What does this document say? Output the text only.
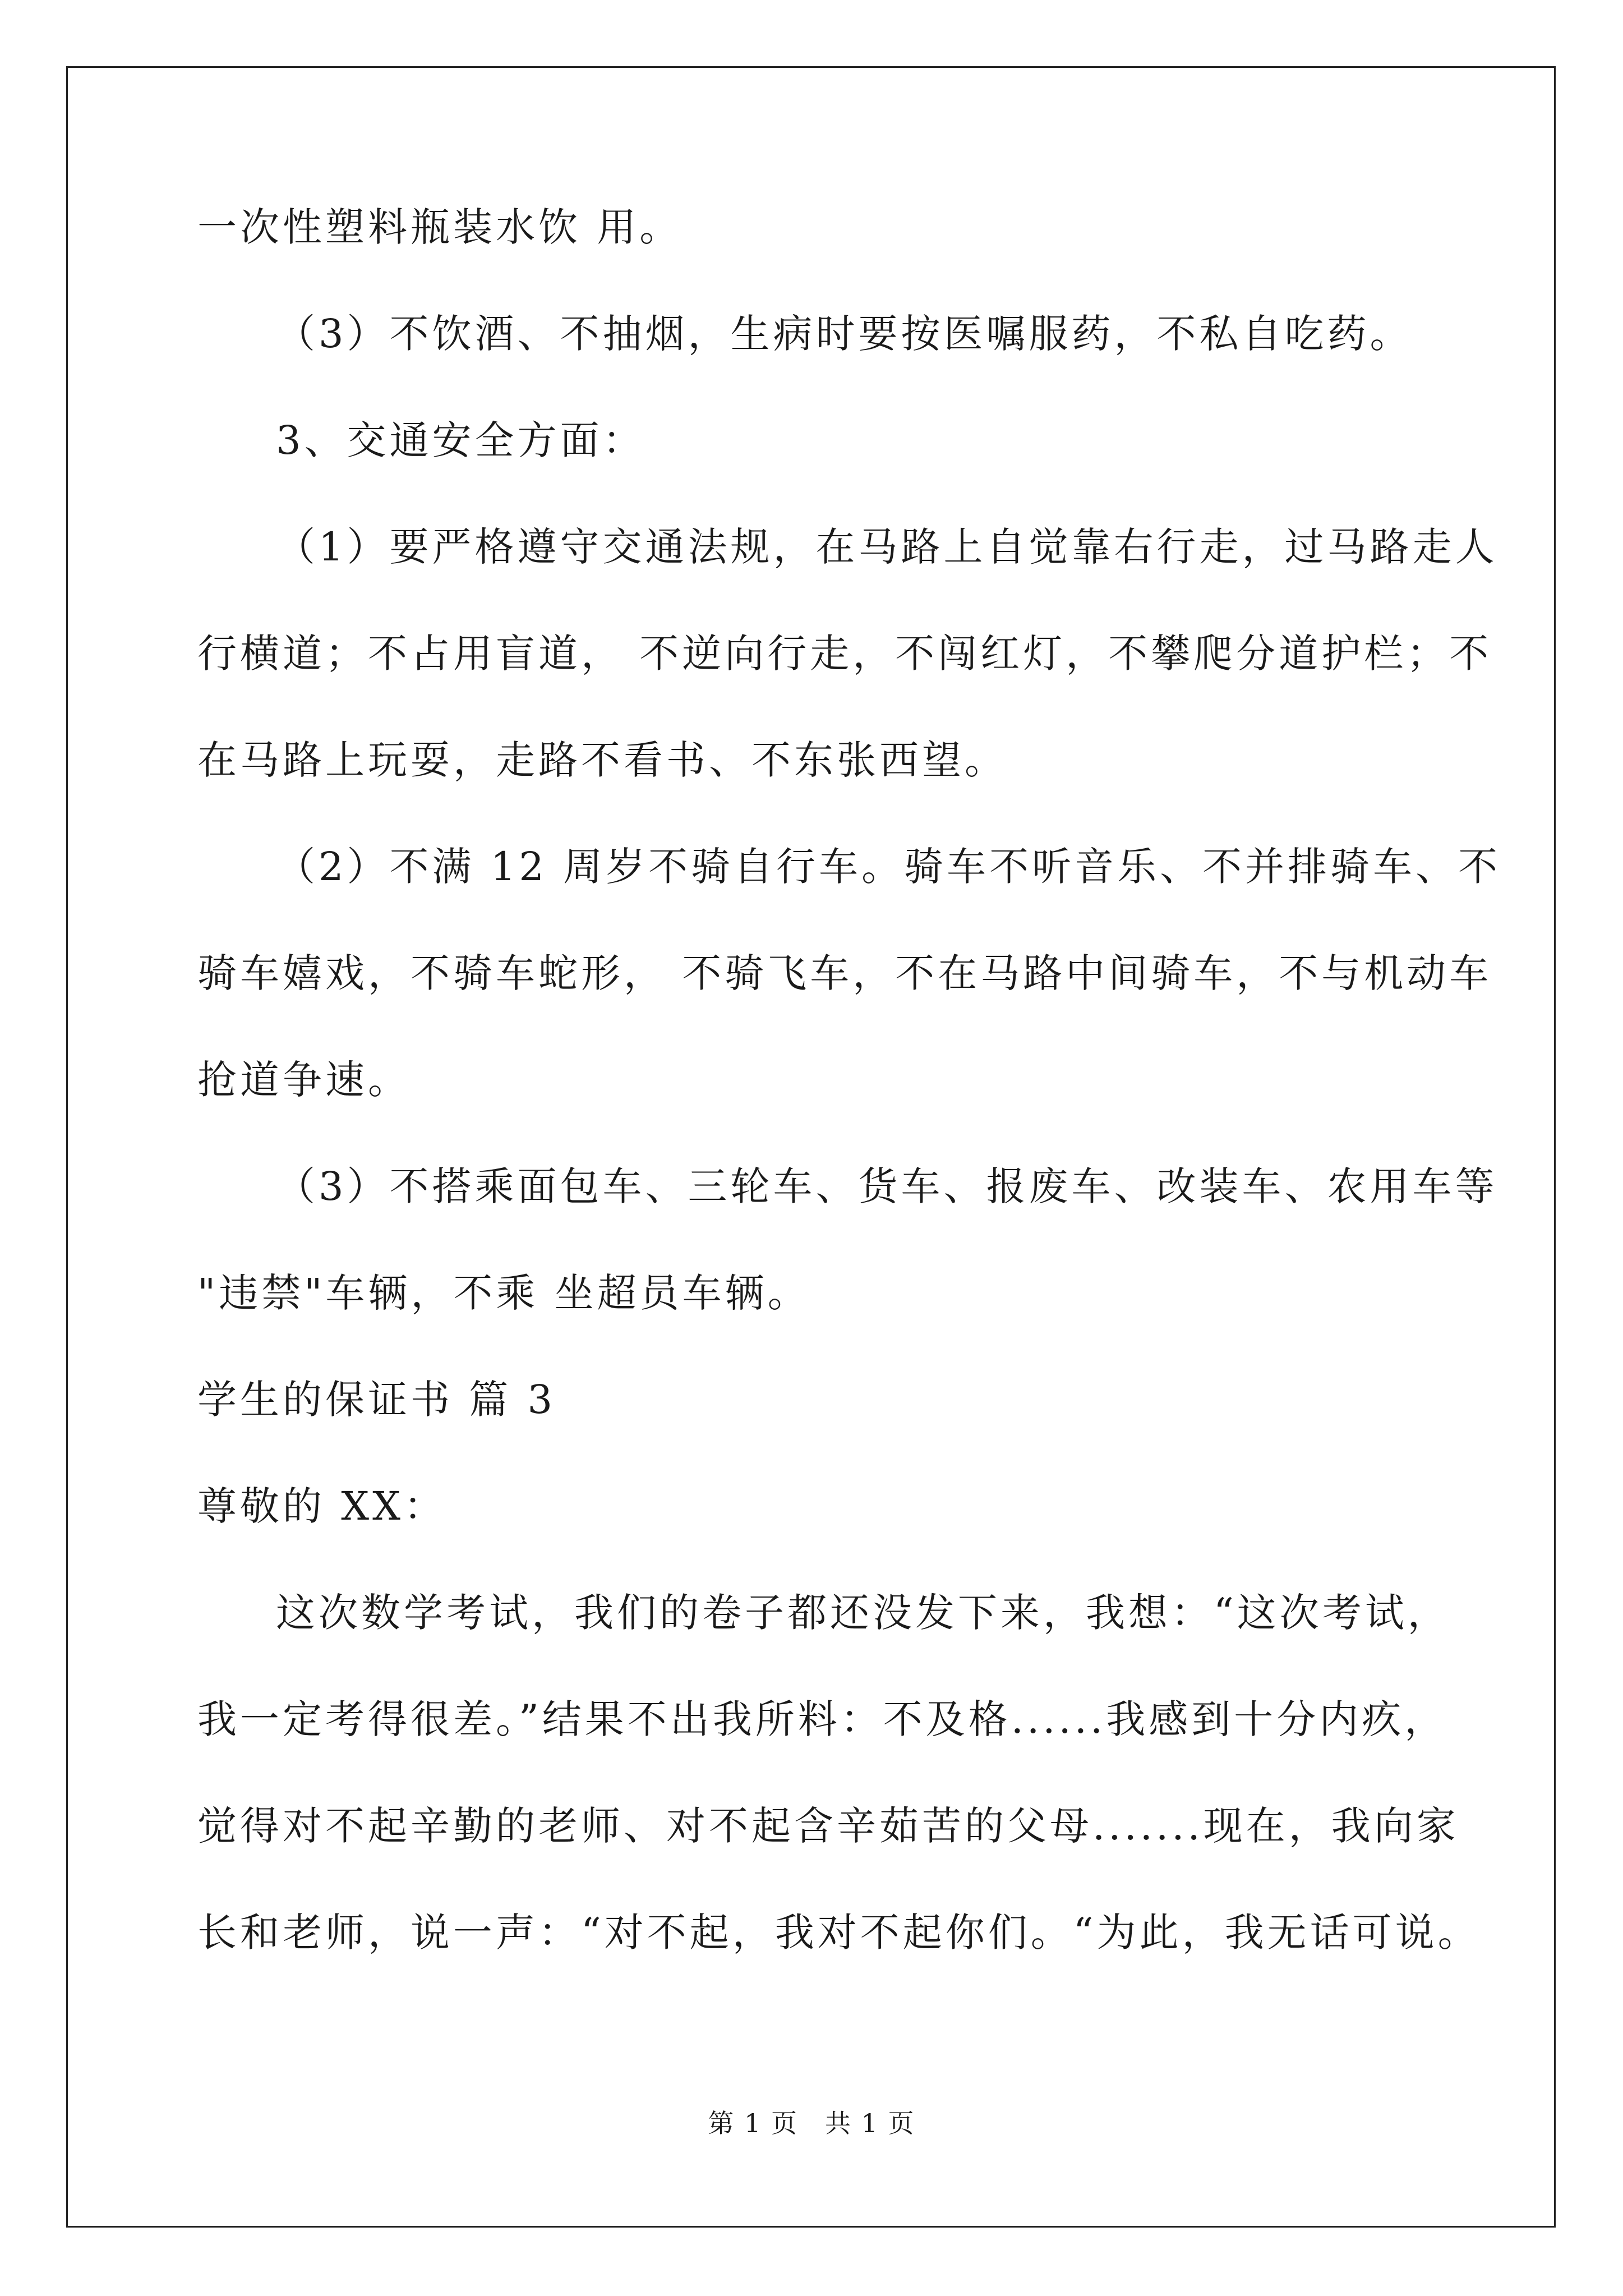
一次性塑料瓶装水饮 用。
（3）不饮酒、不抽烟，生病时要按医嘱服药，不私自吃药。
3、交通安全方面：
（1）要严格遵守交通法规，在马路上自觉靠右行走，过马路走人
行横道；不占用盲道， 不逆向行走，不闯红灯，不攀爬分道护栏；不
在马路上玩耍，走路不看书、不东张西望。
（2）不满 12 周岁不骑自行车。骑车不听音乐、不并排骑车、不
骑车嬉戏，不骑车蛇形， 不骑飞车，不在马路中间骑车，不与机动车
抢道争速。
（3）不搭乘面包车、三轮车、货车、报废车、改装车、农用车等
"违禁"车辆，不乘 坐超员车辆。
学生的保证书 篇 3
尊敬的 XX：
这次数学考试，我们的卷子都还没发下来，我想：“这次考试，
我一定考得很差。”结果不出我所料：不及格......我感到十分内疚，
觉得对不起辛勤的老师、对不起含辛茹苦的父母.......现在，我向家
长和老师，说一声：“对不起，我对不起你们。“为此，我无话可说。
第 1 页　共 1 页
